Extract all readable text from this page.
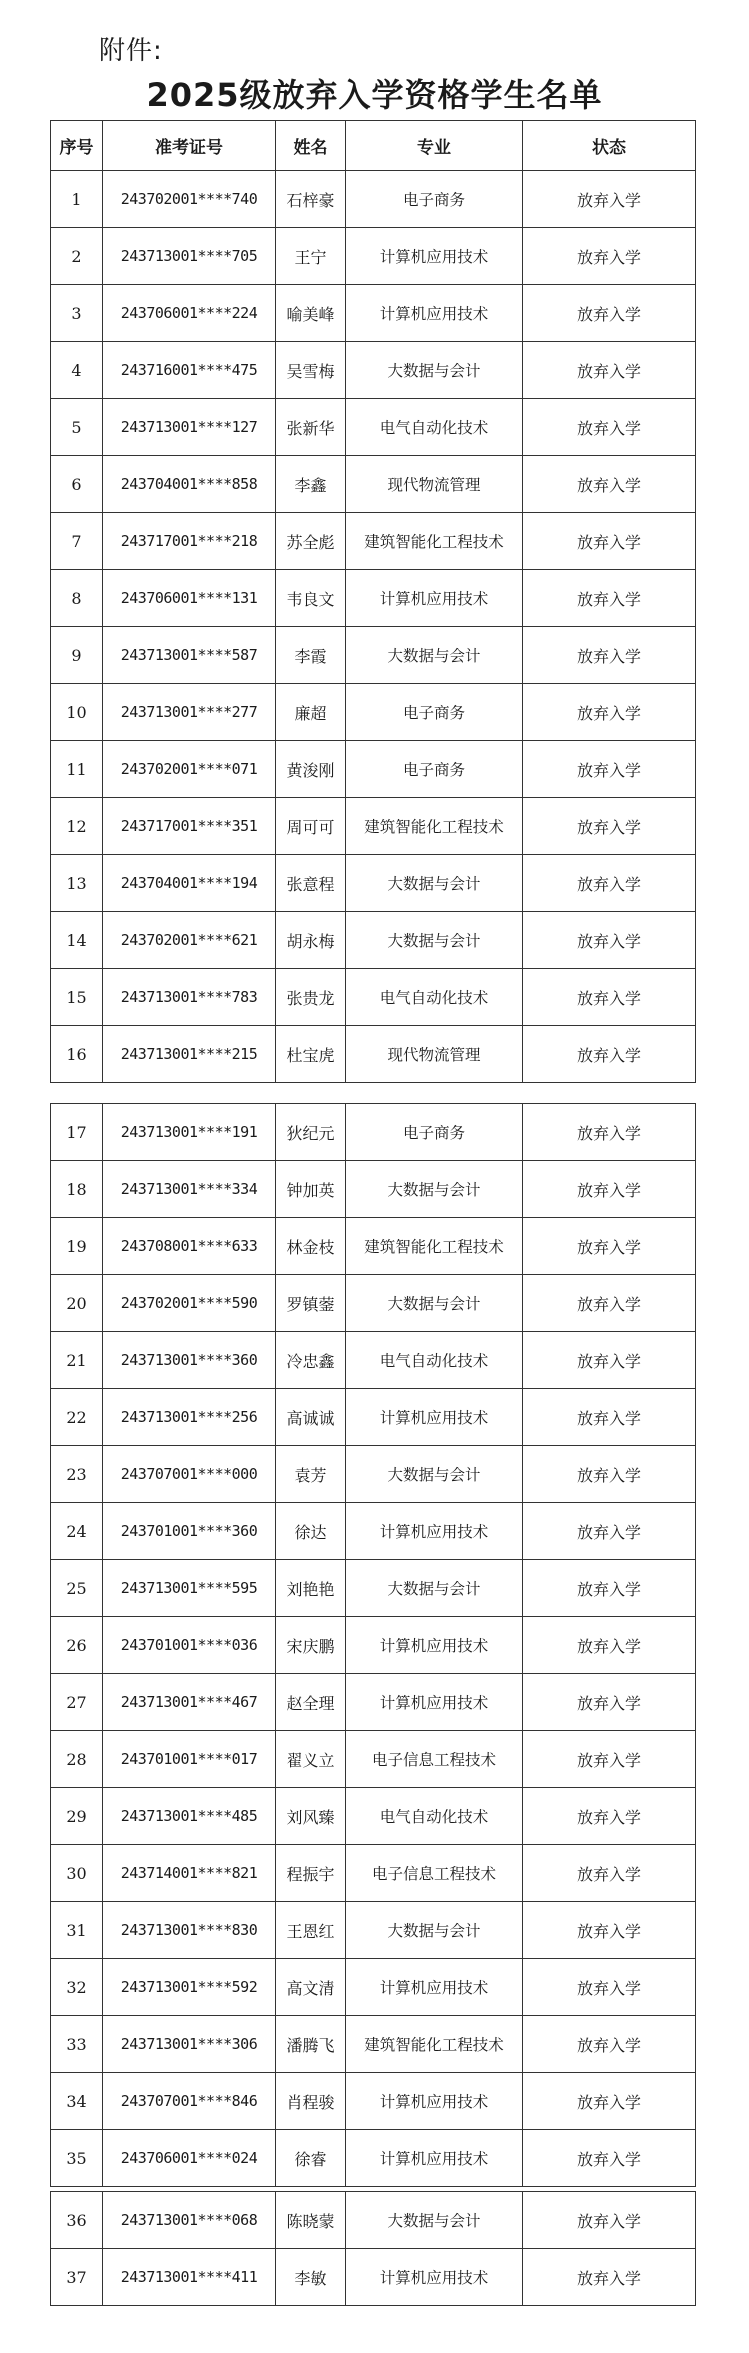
附件:
2025级放弃入学资格学生名单
序号	准考证号	姓名	专业	状态
1	243702001****740	石梓豪	电子商务	放弃入学
2	243713001****705	王宁	计算机应用技术	放弃入学
3	243706001****224	喻美峰	计算机应用技术	放弃入学
4	243716001****475	吴雪梅	大数据与会计	放弃入学
5	243713001****127	张新华	电气自动化技术	放弃入学
6	243704001****858	李鑫	现代物流管理	放弃入学
7	243717001****218	苏全彪	建筑智能化工程技术	放弃入学
8	243706001****131	韦良文	计算机应用技术	放弃入学
9	243713001****587	李霞	大数据与会计	放弃入学
10	243713001****277	廉超	电子商务	放弃入学
11	243702001****071	黄浚刚	电子商务	放弃入学
12	243717001****351	周可可	建筑智能化工程技术	放弃入学
13	243704001****194	张意程	大数据与会计	放弃入学
14	243702001****621	胡永梅	大数据与会计	放弃入学
15	243713001****783	张贵龙	电气自动化技术	放弃入学
16	243713001****215	杜宝虎	现代物流管理	放弃入学
17	243713001****191	狄纪元	电子商务	放弃入学
18	243713001****334	钟加英	大数据与会计	放弃入学
19	243708001****633	林金枝	建筑智能化工程技术	放弃入学
20	243702001****590	罗镇蓥	大数据与会计	放弃入学
21	243713001****360	冷忠鑫	电气自动化技术	放弃入学
22	243713001****256	高诚诚	计算机应用技术	放弃入学
23	243707001****000	袁芳	大数据与会计	放弃入学
24	243701001****360	徐达	计算机应用技术	放弃入学
25	243713001****595	刘艳艳	大数据与会计	放弃入学
26	243701001****036	宋庆鹏	计算机应用技术	放弃入学
27	243713001****467	赵全理	计算机应用技术	放弃入学
28	243701001****017	翟义立	电子信息工程技术	放弃入学
29	243713001****485	刘风臻	电气自动化技术	放弃入学
30	243714001****821	程振宇	电子信息工程技术	放弃入学
31	243713001****830	王恩红	大数据与会计	放弃入学
32	243713001****592	高文清	计算机应用技术	放弃入学
33	243713001****306	潘腾飞	建筑智能化工程技术	放弃入学
34	243707001****846	肖程骏	计算机应用技术	放弃入学
35	243706001****024	徐睿	计算机应用技术	放弃入学
36	243713001****068	陈晓蒙	大数据与会计	放弃入学
37	243713001****411	李敏	计算机应用技术	放弃入学
